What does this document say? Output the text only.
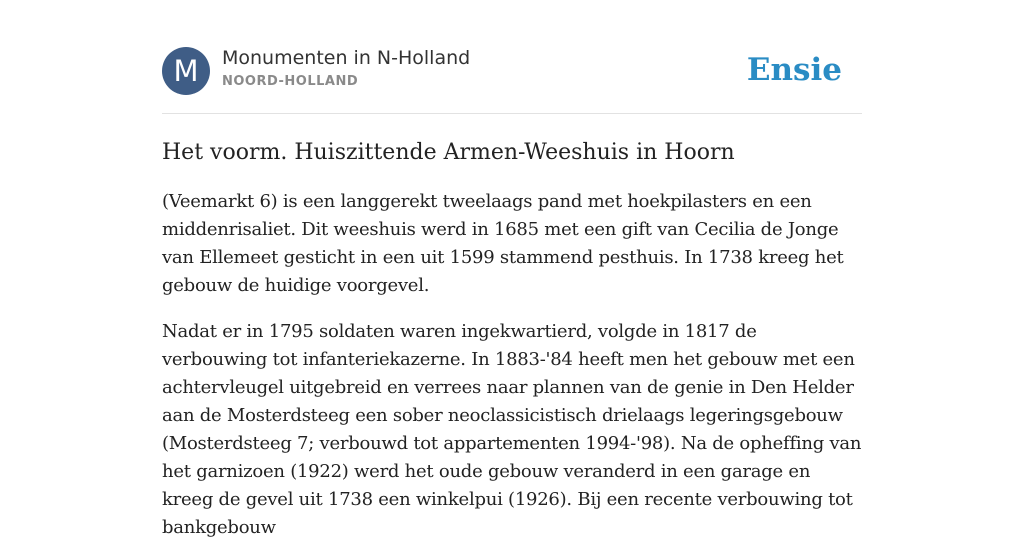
M	Monumenten in N-Holland
NOORD-HOLLAND	Ensie
Het voorm. Huiszittende Armen-Weeshuis in Hoorn

(Veemarkt 6) is een langgerekt tweelaags pand met hoekpilasters en een middenrisaliet. Dit weeshuis werd in 1685 met een gift van Cecilia de Jonge van Ellemeet gesticht in een uit 1599 stammend pesthuis. In 1738 kreeg het gebouw de huidige voorgevel.

Nadat er in 1795 soldaten waren ingekwartierd, volgde in 1817 de verbouwing tot infanteriekazerne. In 1883-'84 heeft men het gebouw met een achtervleugel uitgebreid en verrees naar plannen van de genie in Den Helder aan de Mosterdsteeg een sober neoclassicistisch drielaags legeringsgebouw (Mosterdsteeg 7; verbouwd tot appartementen 1994-'98). Na de opheffing van het garnizoen (1922) werd het oude gebouw veranderd in een garage en kreeg de gevel uit 1738 een winkelpui (1926). Bij een recente verbouwing tot bankgebouw
